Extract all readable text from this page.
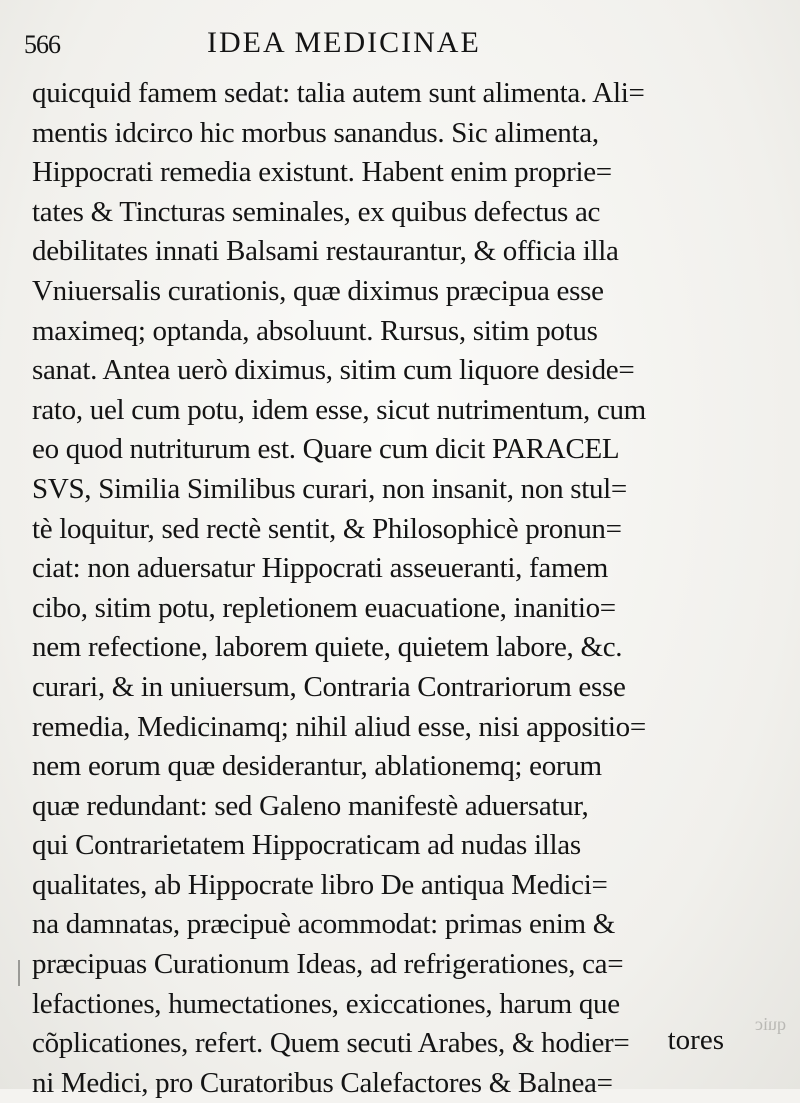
566	IDEA MEDICINAE
quicquid famem sedat: talia autem sunt alimenta. Ali=
mentis idcirco hic morbus sanandus. Sic alimenta,
Hippocrati remedia existunt. Habent enim proprie=
tates & Tincturas seminales, ex quibus defectus ac
debilitates innati Balsami restaurantur, & officia illa
Vniuersalis curationis, quæ diximus præcipua esse
maximeq; optanda, absoluunt. Rursus, sitim potus
sanat. Antea uerò diximus, sitim cum liquore deside=
rato, uel cum potu, idem esse, sicut nutrimentum, cum
eo quod nutriturum est. Quare cum dicit PARACEL
SVS, Similia Similibus curari, non insanit, non stul=
tè loquitur, sed rectè sentit, & Philosophicè pronun=
ciat: non aduersatur Hippocrati asseueranti, famem
cibo, sitim potu, repletionem euacuatione, inanitio=
nem refectione, laborem quiete, quietem labore, &c.
curari, & in uniuersum, Contraria Contrariorum esse
remedia, Medicinamq; nihil aliud esse, nisi appositio=
nem eorum quæ desiderantur, ablationemq; eorum
quæ redundant: sed Galeno manifestè aduersatur,
qui Contrarietatem Hippocraticam ad nudas illas
qualitates, ab Hippocrate libro De antiqua Medici=
na damnatas, præcipuè acommodat: primas enim &
præcipuas Curationum Ideas, ad refrigerationes, ca=
lefactiones, humectationes, exiccationes, harum que
cõplicationes, refert. Quem secuti Arabes, & hodier=
ni Medici, pro Curatoribus Calefactores & Balnea=
quic
tores
